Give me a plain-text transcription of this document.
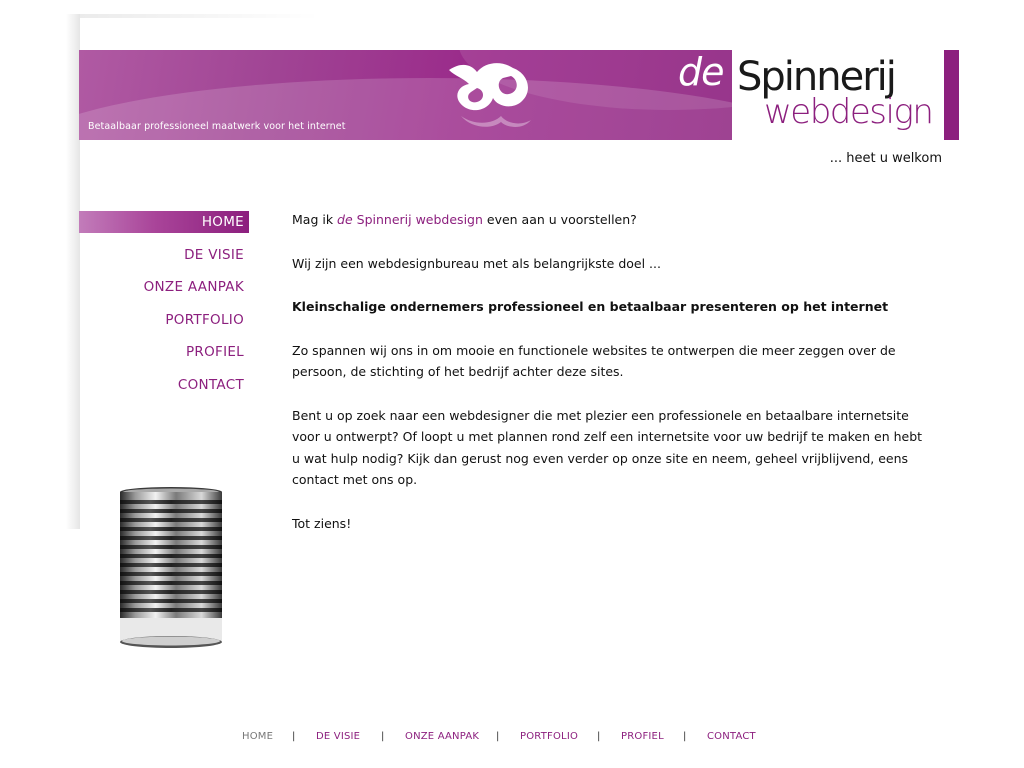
Betaalbaar professioneel maatwerk voor het internet
de Spinnerij
webdesign
... heet u welkom
HOME
DE VISIE
ONZE AANPAK
PORTFOLIO
PROFIEL
CONTACT

Mag ik de Spinnerij webdesign even aan u voorstellen?

Wij zijn een webdesignbureau met als belangrijkste doel ...

Kleinschalige ondernemers professioneel en betaalbaar presenteren op het internet

Zo spannen wij ons in om mooie en functionele websites te ontwerpen die meer zeggen over de persoon, de stichting of het bedrijf achter deze sites.

Bent u op zoek naar een webdesigner die met plezier een professionele en betaalbare internetsite voor u ontwerpt? Of loopt u met plannen rond zelf een internetsite voor uw bedrijf te maken en hebt u wat hulp nodig? Kijk dan gerust nog even verder op onze site en neem, geheel vrijblijvend, eens contact met ons op.

Tot ziens!

HOME | DE VISIE | ONZE AANPAK | PORTFOLIO | PROFIEL | CONTACT
